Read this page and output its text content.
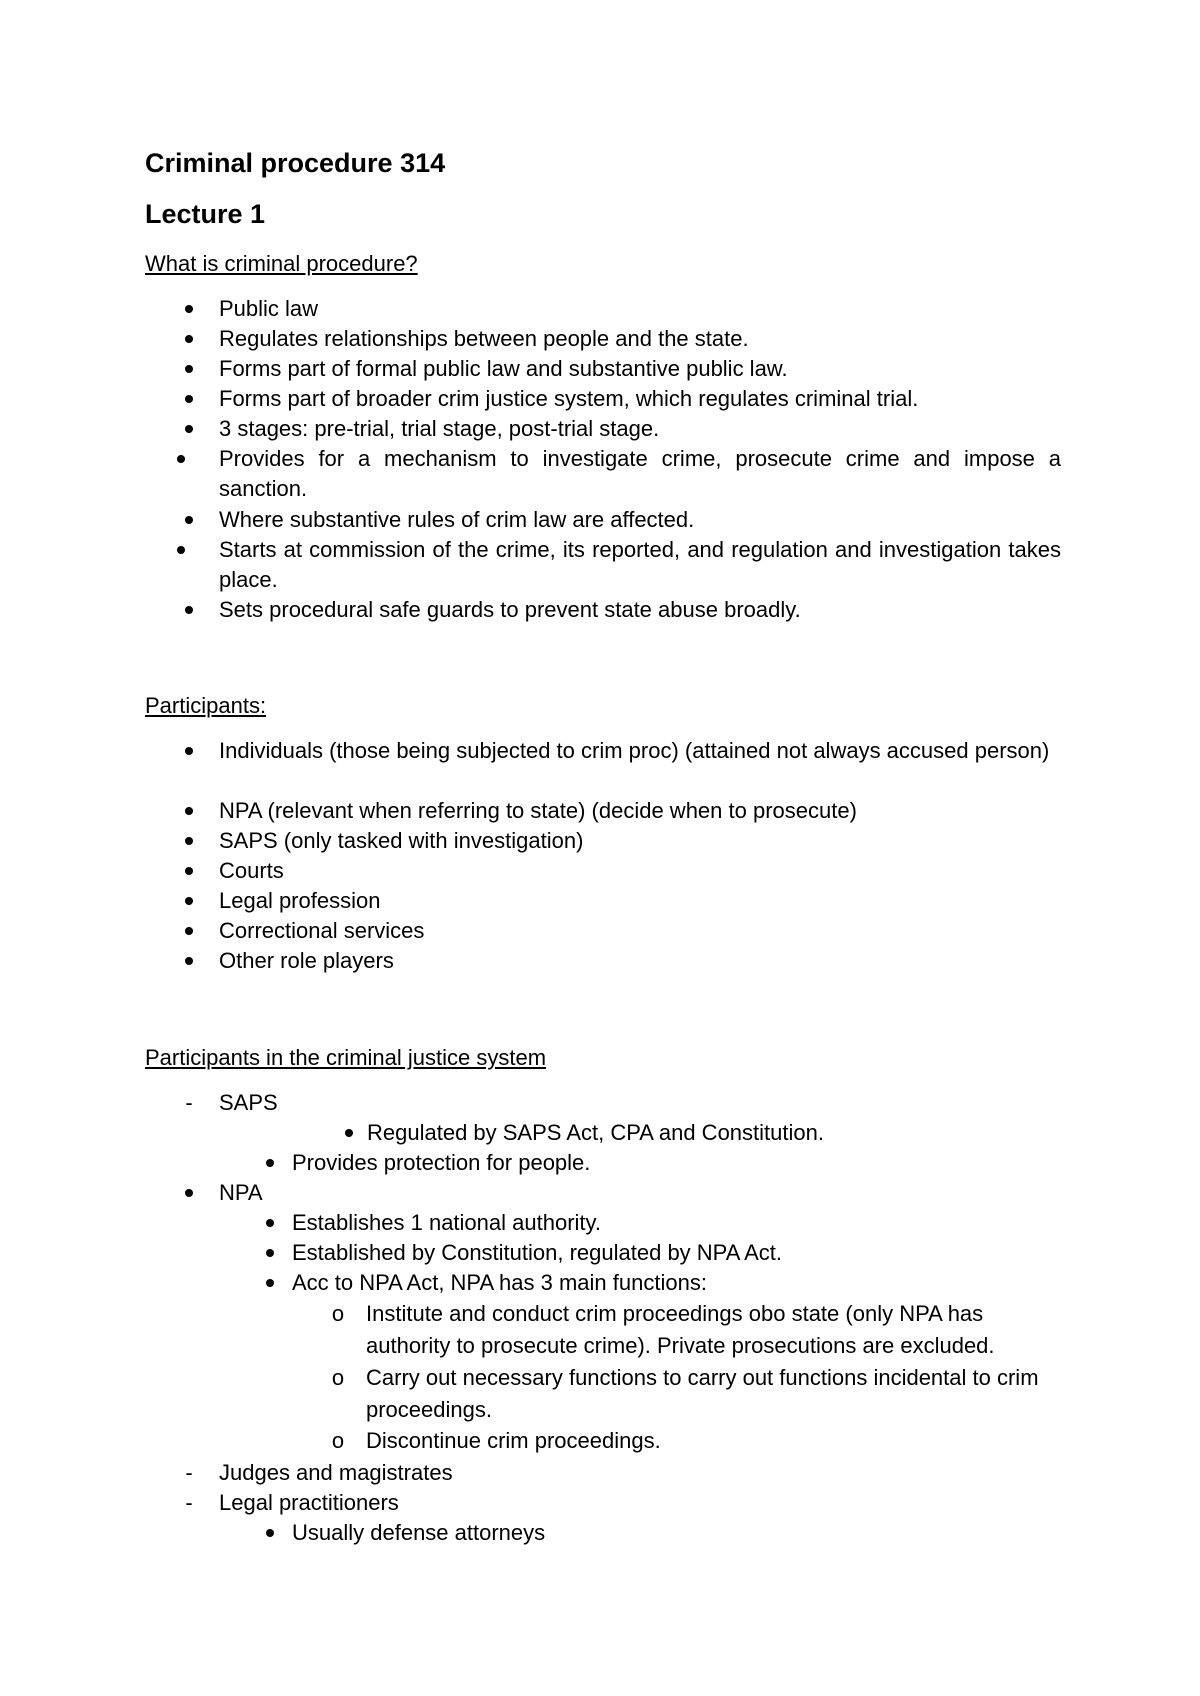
Criminal procedure 314
Lecture 1
What is criminal procedure?
Public law
Regulates relationships between people and the state.
Forms part of formal public law and substantive public law.
Forms part of broader crim justice system, which regulates criminal trial.
3 stages: pre-trial, trial stage, post-trial stage.
Provides for a mechanism to investigate crime, prosecute crime and impose a sanction.
Where substantive rules of crim law are affected.
Starts at commission of the crime, its reported, and regulation and investigation takes place.
Sets procedural safe guards to prevent state abuse broadly.
Participants:
Individuals (those being subjected to crim proc) (attained not always accused person)
NPA (relevant when referring to state) (decide when to prosecute)
SAPS (only tasked with investigation)
Courts
Legal profession
Correctional services
Other role players
Participants in the criminal justice system
-	SAPS
Regulated by SAPS Act, CPA and Constitution.
Provides protection for people.
NPA
Establishes 1 national authority.
Established by Constitution, regulated by NPA Act.
Acc to NPA Act, NPA has 3 main functions:
o Institute and conduct crim proceedings obo state (only NPA has authority to prosecute crime). Private prosecutions are excluded.
o Carry out necessary functions to carry out functions incidental to crim proceedings.
o Discontinue crim proceedings.
-	Judges and magistrates
-	Legal practitioners
Usually defense attorneys
